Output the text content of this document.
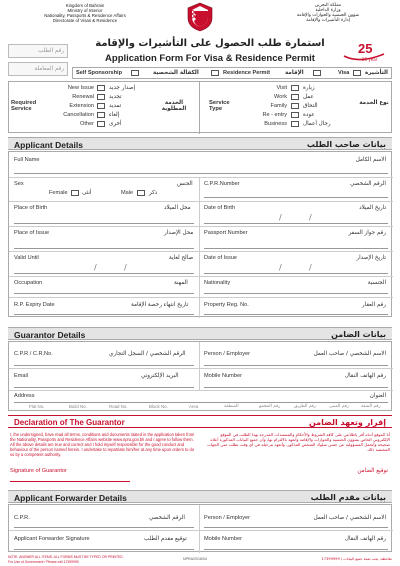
Kingdom of Bahrain
Ministry of Interior
Nationality, Passports & Residence Affairs
Directorate of Visas & Residence
مملكة البحرين
وزارة الداخلية
شؤون الجنسية والجوازات والإقامة
إدارة التأشيرات والإقامة
رقم الطلب
رقم المعاملة
استمارة طلب الحصول على التأشيرات والإقامة
Application Form For Visa & Residence Permit
25
25 year
Self Sponsorship	الكفالة الشخصية	Residence Permit	الإقامة	Visa	التأشيرة
Required Service
الخدمة المطلوبة
New Issue	إصدار جديد
Renewal	تجديد
Extension	تمديد
Cancellation	إلغاء
Other	أخرى
Service Type
نوع الخدمة
Visit	زيارة
Work	عمل
Family	التحاق
Re - entry	عودة
Business	رجال أعمال
Applicant Details	بيانات صاحب الطلب
Full Name	الاسم الكامل
Sex	الجنس
Female	أنثى	Male	ذكر
C.P.R.Number	الرقم الشخصي
Place of Birth	محل الميلاد Date of Birth	تاريخ الميلاد
/	/
Place of Issue	محل الإصدار Passport Number	رقم جواز السفر
Valid Until	صالح لغاية
/	/
Date of Issue	تاريخ الإصدار
/	/
Occupation	المهنة	Nationality	الجنسية
R.P. Expiry Date	تاريخ انتهاء رخصة الإقامة	Property Reg. No.	رقم العقار
Guarantor Details	بيانات الضامن
C.P.R / C.R.No.	الرقم الشخصي / السجل التجاري	Person / Employer	الاسم الشخصي / صاحب العمل
Email	البريد الإلكتروني	Mobile Number	رقم الهاتف النقال
Address	العنوان
Flat No.	Build No.	Road No.	Block No.	Area	المنطقة	رقم المجمع	رقم الطريق	رقم المبنى	رقم الشقة
Declaration of The Guarantor	إقرار وتعهد الضامن
I, the undersigned, have read all terms, conditions and documents stated in the application taken from the Nationality, Passports and Residence Affairs website www.npra.gov.bh and I agree to follow them. All the above details are true and correct and I hold myself responsible for the good conduct and behaviour of the person named herein. I undertake to repatriate him/her at any time upon orders to do so by a competent authority.
أنا الموقع أدناه أقر باطلاعي على كافة الشروط والأحكام والمستندات المدرجة بهذا الطلب في الموقع الإلكتروني الخاص بشؤون الجنسية والجوازات والإقامة وأتعهد بالالتزام بها، وأن جميع البيانات المذكورة أعلاه صحيحة وأتحمل المسؤولية عن حسن سلوك الشخص المذكور، وأتعهد بترحيله في أي وقت تطلب مني الجهات المختصة ذلك.
Signature of Guarantor	توقيع الضامن
Applicant Forwarder Details	بيانات مقدم الطلب
C.P.R.	الرقم الشخصي	Person / Employer	الاسم الشخصي / صاحب العمل
Applicant Forwarder Signature	توقيع مقدم الطلب	Mobile Number	رقم الهاتف النقال
NOTE: ANSWER ALL ITEMS. ALL FORMS MUST BE TYPED OR PRINTED
For Use of Government / Please call 17399999
NPRA/2018/04	ملاحظة: يجب تعبئة جميع البيانات / 17399999
